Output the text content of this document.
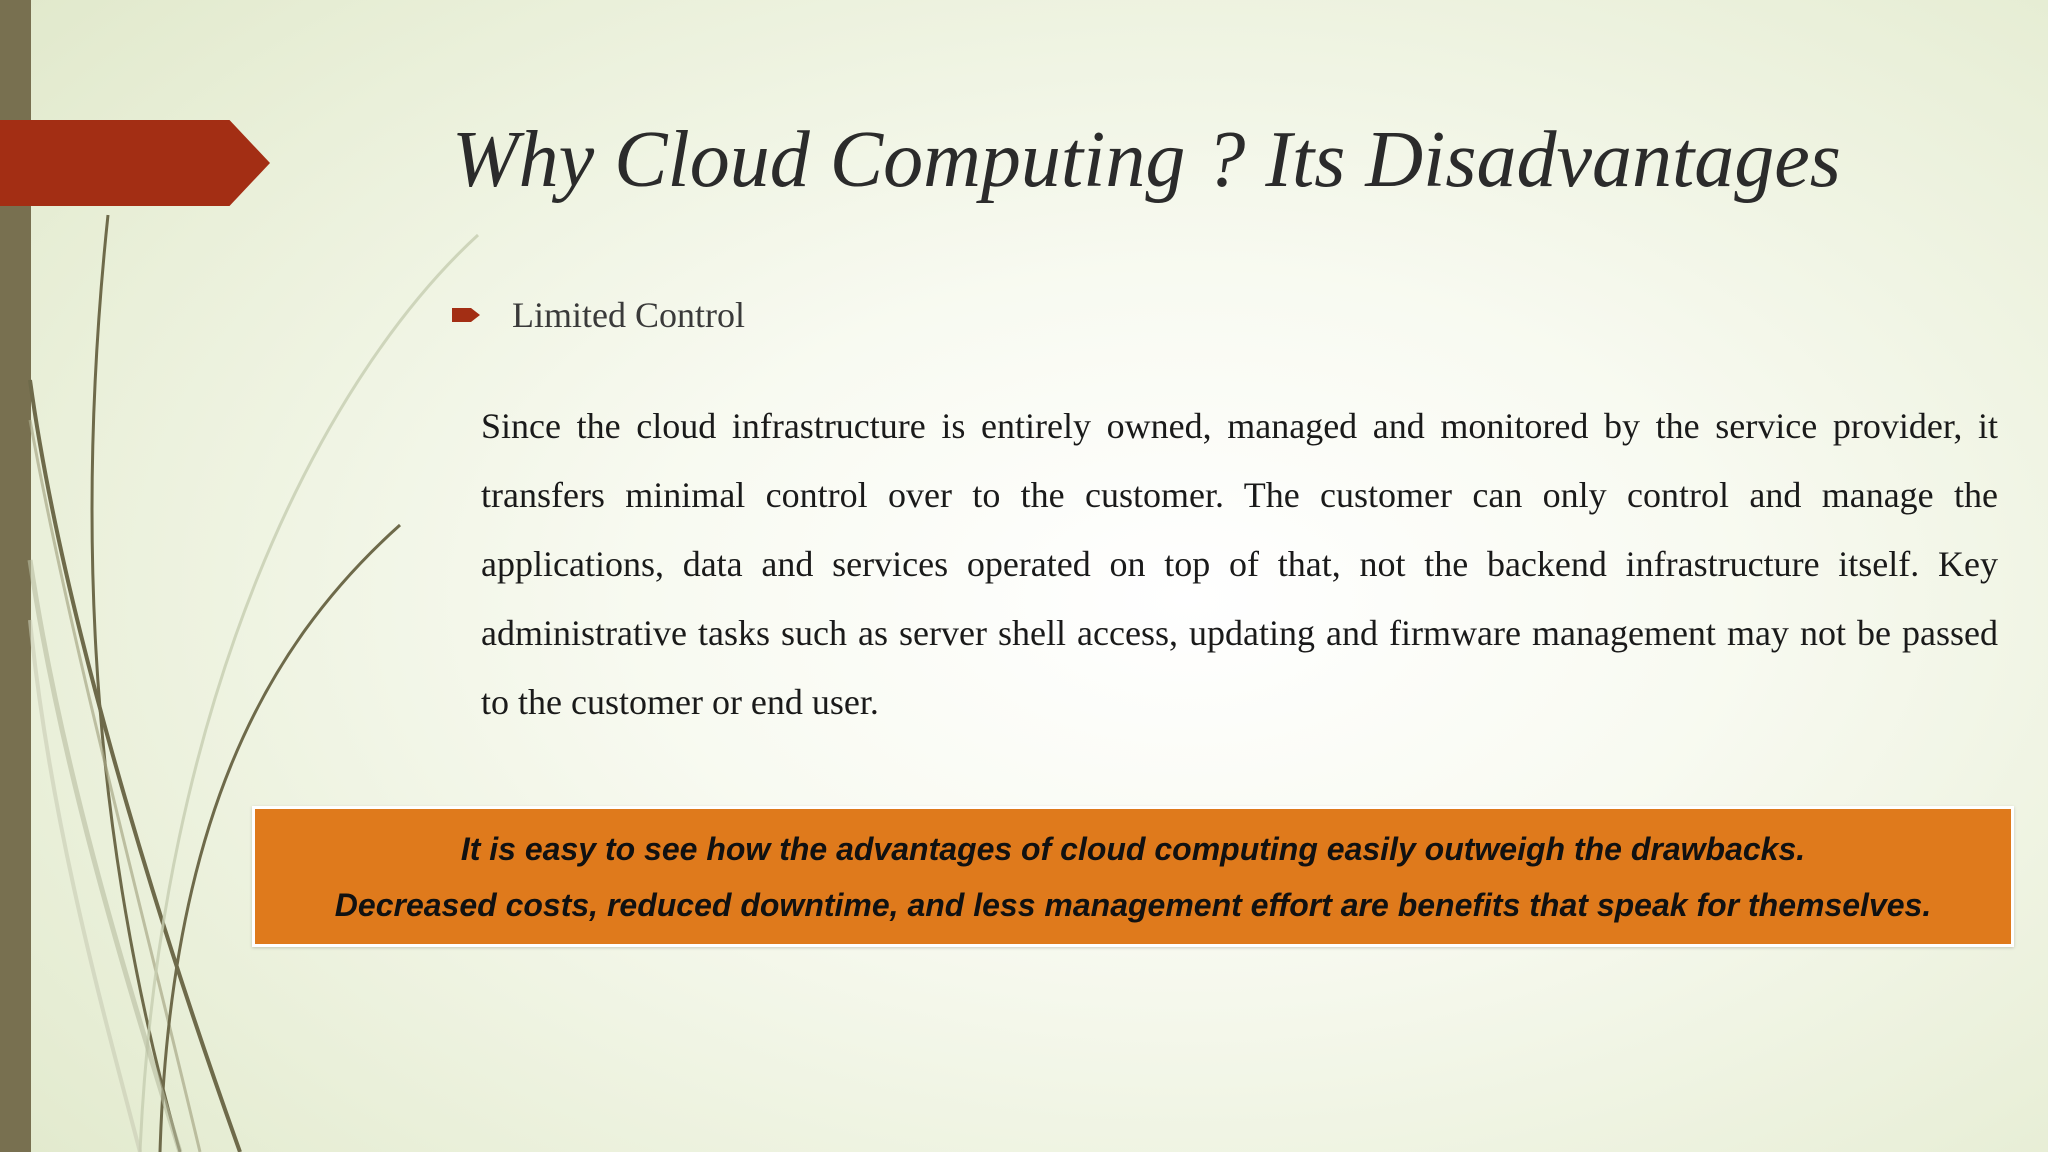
Why Cloud Computing ? Its Disadvantages
Limited Control

Since the cloud infrastructure is entirely owned, managed and monitored by the service provider, it transfers minimal control over to the customer. The customer can only control and manage the applications, data and services operated on top of that, not the backend infrastructure itself. Key administrative tasks such as server shell access, updating and firmware management may not be passed to the customer or end user.

It is easy to see how the advantages of cloud computing easily outweigh the drawbacks.
Decreased costs, reduced downtime, and less management effort are benefits that speak for themselves.
